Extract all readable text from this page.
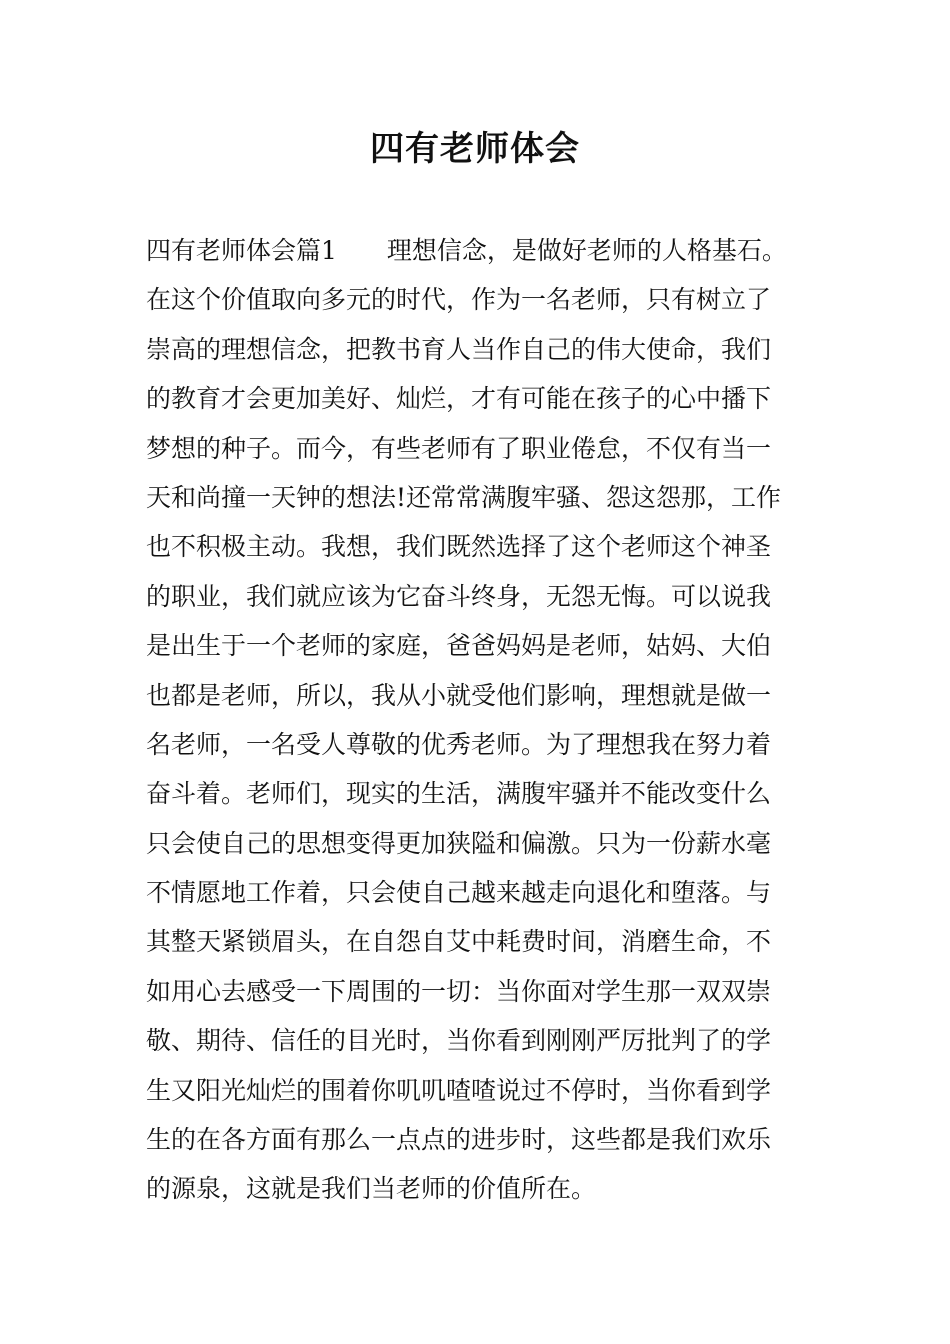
四有老师体会
四有老师体会篇1 理想信念，是做好老师的人格基石。
在这个价值取向多元的时代，作为一名老师，只有树立了
崇高的理想信念，把教书育人当作自己的伟大使命，我们
的教育才会更加美好、灿烂，才有可能在孩子的心中播下
梦想的种子。而今，有些老师有了职业倦怠，不仅有当一
天和尚撞一天钟的想法!还常常满腹牢骚、怨这怨那，工作
也不积极主动。我想，我们既然选择了这个老师这个神圣
的职业，我们就应该为它奋斗终身，无怨无悔。可以说我
是出生于一个老师的家庭，爸爸妈妈是老师，姑妈、大伯
也都是老师，所以，我从小就受他们影响，理想就是做一
名老师，一名受人尊敬的优秀老师。为了理想我在努力着
奋斗着。老师们，现实的生活，满腹牢骚并不能改变什么
只会使自己的思想变得更加狭隘和偏激。只为一份薪水毫
不情愿地工作着，只会使自己越来越走向退化和堕落。与
其整天紧锁眉头，在自怨自艾中耗费时间，消磨生命，不
如用心去感受一下周围的一切：当你面对学生那一双双崇
敬、期待、信任的目光时，当你看到刚刚严厉批判了的学
生又阳光灿烂的围着你叽叽喳喳说过不停时，当你看到学
生的在各方面有那么一点点的进步时，这些都是我们欢乐
的源泉，这就是我们当老师的价值所在。
